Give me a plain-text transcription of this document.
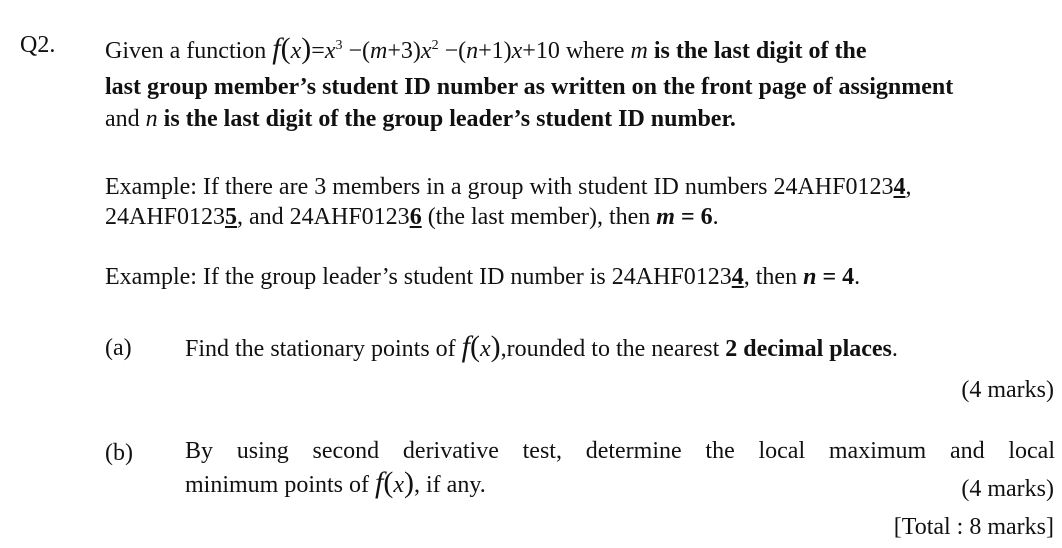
Q2. Given a function $f(x)=x^3 -(m+3)x^2 -(n+1)x+10$ where m is the last digit of the
last group member’s student ID number as written on the front page of assignment
and n is the last digit of the group leader’s student ID number.
Example: If there are 3 members in a group with student ID numbers 24AHF01234,
24AHF01235, and 24AHF01236 (the last member), then m = 6.
Example: If the group leader’s student ID number is 24AHF01234, then n = 4.
(a) Find the stationary points of f(x),rounded to the nearest 2 decimal places.
(4 marks)
(b) By using second derivative test, determine the local maximum and local
minimum points of f(x), if any.	(4 marks)
[Total : 8 marks]
